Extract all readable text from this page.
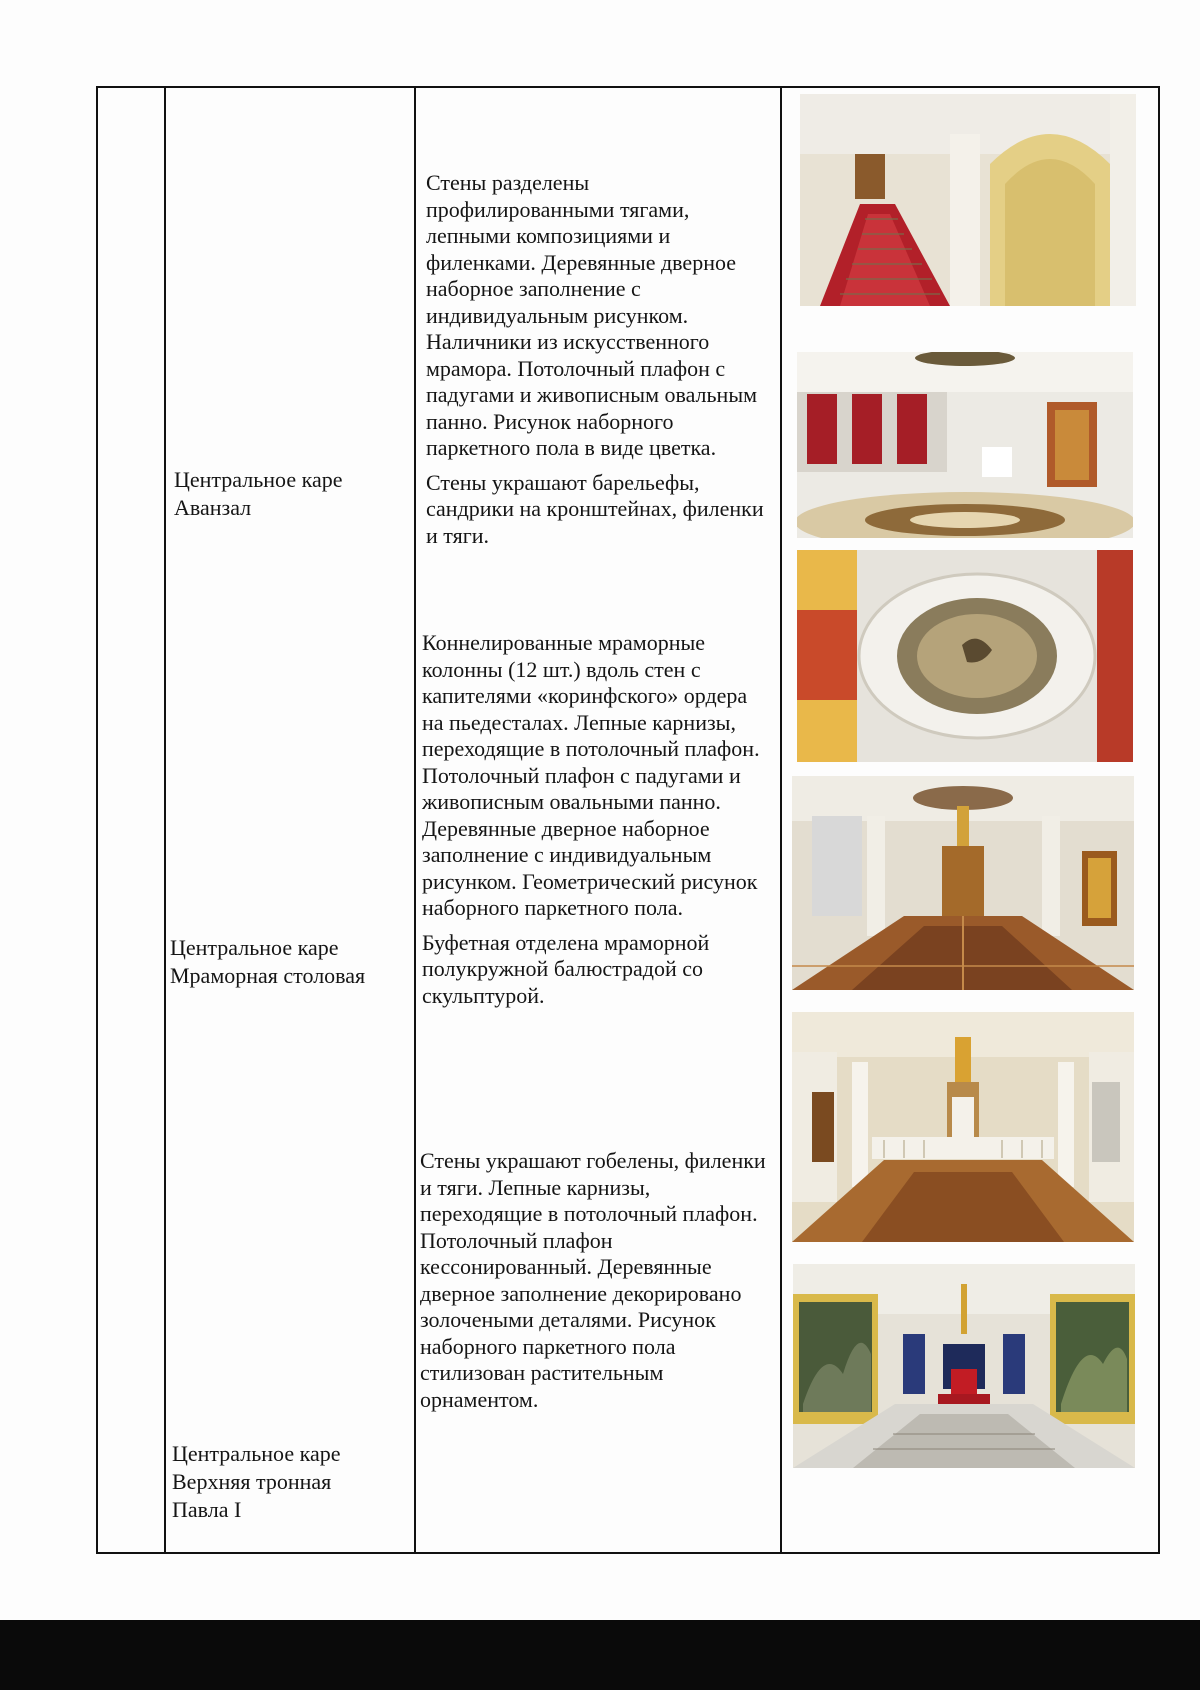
Центральное каре
Аванзал

Стены разделены профилированными тягами, лепными композициями и филенками. Деревянные дверное наборное заполнение с индивидуальным рисунком. Наличники из искусственного мрамора. Потолочный плафон с падугами и живописным овальным панно. Рисунок наборного паркетного пола в виде цветка.

Стены украшают барельефы, сандрики на кронштейнах, филенки и тяги.

Центральное каре
Мраморная столовая

Коннелированные мраморные колонны (12 шт.) вдоль стен с капителями «коринфского» ордера на пьедесталах. Лепные карнизы, переходящие в потолочный плафон. Потолочный плафон с падугами и живописным овальными панно. Деревянные дверное наборное заполнение с индивидуальным рисунком. Геометрический рисунок наборного паркетного пола.

Буфетная отделена мраморной полукружной балюстрадой со скульптурой.

Центральное каре
Верхняя тронная
Павла I

Стены украшают гобелены, филенки и тяги. Лепные карнизы, переходящие в потолочный плафон. Потолочный плафон кессонированный. Деревянные дверное заполнение декорировано золочеными деталями. Рисунок наборного паркетного пола стилизован растительным орнаментом.
